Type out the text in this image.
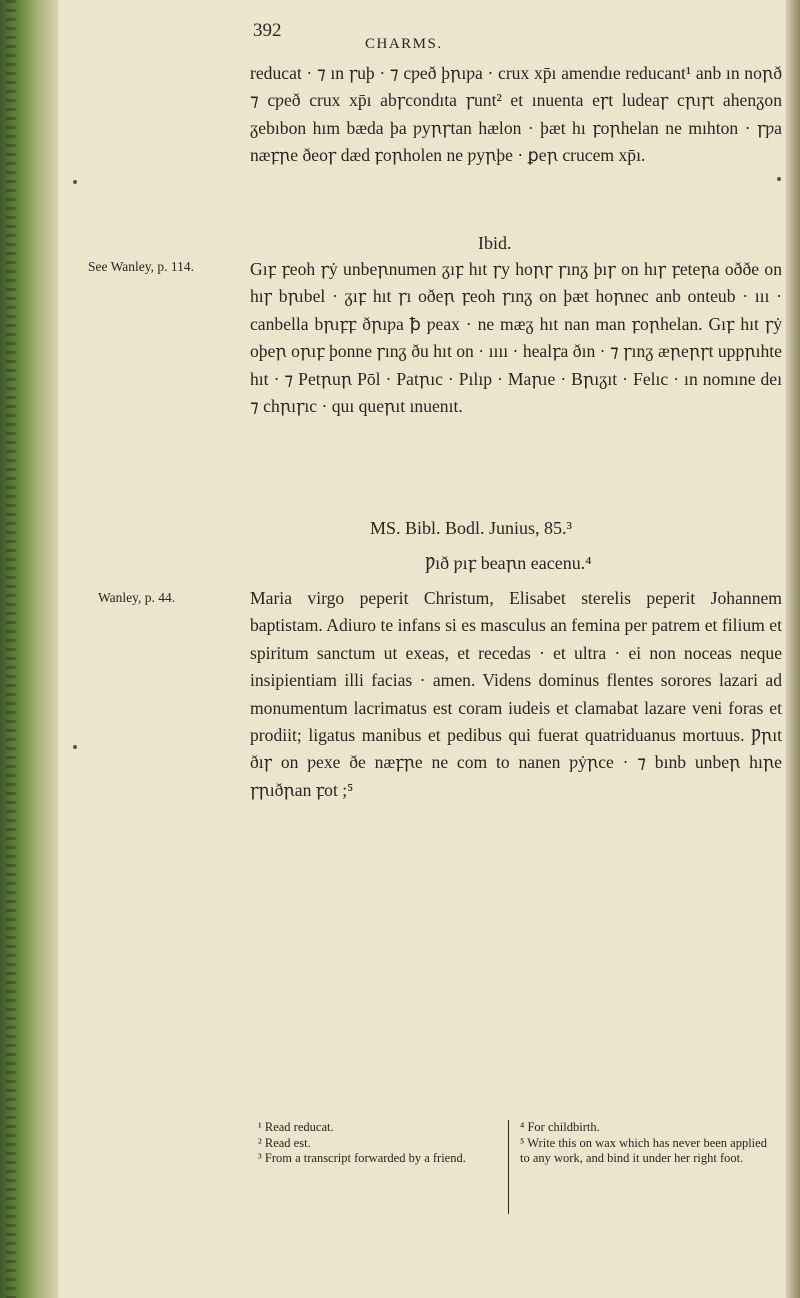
392
CHARMS.

reducat · ⁊ ın ꞅuþ · ⁊ cƿeð þꞃıƿa · crux xp̄ı amendıe reducant¹ anb ın noꞃð ⁊ cƿeð crux xp̄ı abꞅcondıta ꞅunt² et ınuenta eꞅt ludeaꞅ cꞃıꞅt ahenᵹon ᵹebıbon hım bæda þa ƿyꞃꞅtan hælon · þæt hı ꝼoꞃhelan ne mıhton · ꞅƿa næꝼꞃe ðeoꞅ dæd ꝼoꞃholen ne ƿyꞃþe · ꝑeꞃ crucem xp̄ı.

Ibid.
See Wanley, p. 114.	Gıꝼ ꝼeoh ꞅẏ unbeꞃnumen ᵹıꝼ hıt ꞅy hoꞃꞅ ꞅınᵹ þıꞅ on hıꞅ ꝼeteꞃa oððe on hıꞅ bꞃıbel · ᵹıꝼ hıt ꞅı oðeꞃ ꝼeoh ꞅınᵹ on þæt hoꞃnec anb onteub · ııı · canbella bꞃıꝼꝼ ðꞃıƿa ꝥ ƿeax · ne mæᵹ hıt nan man ꝼoꞃhelan. Gıꝼ hıt ꞅẏ oþeꞃ oꞃıꝼ þonne ꞅınᵹ ðu hıt on · ıııı · healꝼa ðın · ⁊ ꞅınᵹ æꞃeꞃꞅt uppꞃıhte hıt · ⁊ Petꞃuꞃ Pōl · Patꞃıc · Pılıp · Maꞃıe · Bꞃıᵹıt · Felıc · ın nomıne deı ⁊ chꞃıꞅıc · quı queꞃıt ınuenıt.

MS. Bibl. Bodl. Junius, 85.³
Ƿıð ƿıꝼ beaꞃn eacenu.⁴
Wanley, p. 44.	Maria virgo peperit Christum, Elisabet sterelis peperit Johannem baptistam. Adiuro te infans si es masculus an femina per patrem et filium et spiritum sanctum ut exeas, et recedas · et ultra · ei non noceas neque insipientiam illi facias · amen. Videns dominus flentes sorores lazari ad monumentum lacrimatus est coram iudeis et clamabat lazare veni foras et prodiit; ligatus manibus et pedibus qui fuerat quatriduanus mortuus. Ƿꞃıt ðıꞅ on ƿexe ðe næꝼꞃe ne com to nanen ƿẏꞃce · ⁊ bınb unbeꞃ hıꞃe ꞅꞃıðꞃan ꝼot ;⁵

¹ Read reducat.

² Read est.

³ From a transcript forwarded by a friend.

⁴ For childbirth.

⁵ Write this on wax which has never been applied to any work, and bind it under her right foot.
